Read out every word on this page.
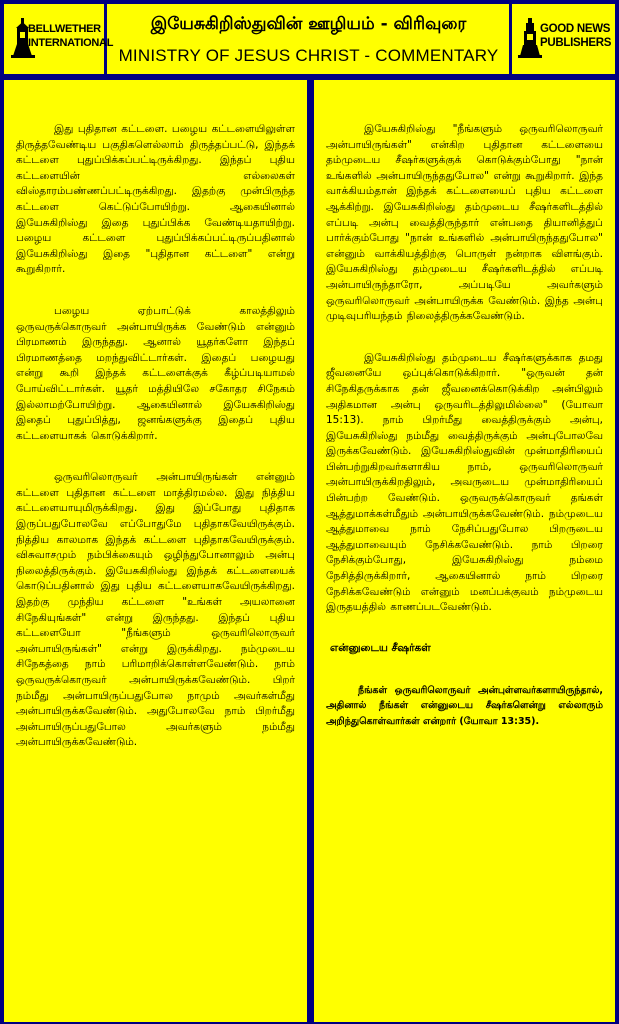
BELLWETHER INTERNATIONAL
இயேசுகிறிஸ்துவின் ஊழியம் - விரிவுரை
MINISTRY OF JESUS CHRIST - COMMENTARY
GOOD NEWS PUBLISHERS

இது புதிதான கட்டளை. பழைய கட்டளையிலுள்ள திருத்தவேண்டிய பகுதிகளெல்லாம் திருத்தப்பட்டு, இந்தக் கட்டளை புதுப்பிக்கப்பட்டிருக்கிறது. இந்தப் புதிய கட்டளையின் எல்லைகள் விஸ்தாரம்பண்ணப்பட்டிருக்கிறது. இதற்கு முன்பிருந்த கட்டளை கெட்டுப்போயிற்று. ஆகையினால் இயேசுகிறிஸ்து இதை புதுப்பிக்க வேண்டியதாயிற்று. பழைய கட்டளை புதுப்பிக்கப்பட்டிருப்பதினால் இயேசுகிறிஸ்து இதை "புதிதான கட்டளை" என்று கூறுகிறார்.

பழைய ஏற்பாட்டுக் காலத்திலும் ஒருவருக்கொருவர் அன்பாயிருக்க வேண்டும் என்னும் பிரமாணம் இருந்தது. ஆனால் யூதர்களோ இந்தப் பிரமாணத்தை மறந்துவிட்டார்கள். இதைப் பழையது என்று கூறி இந்தக் கட்டளைக்குக் கீழ்ப்படியாமல் போய்விட்டார்கள். யூதர் மத்தியிலே சகோதர சிநேகம் இல்லாமற்போயிற்று. ஆகையினால் இயேசுகிறிஸ்து இதைப் புதுப்பித்து, ஜனங்களுக்கு இதைப் புதிய கட்டளையாகக் கொடுக்கிறார்.

ஒருவரிலொருவர் அன்பாயிருங்கள் என்னும் கட்டளை புதிதான கட்டளை மாத்திரமல்ல. இது நித்திய கட்டளையாயுமிருக்கிறது. இது இப்போது புதிதாக இருப்பதுபோலவே எப்போதுமே புதிதாகவேயிருக்கும். நித்திய காலமாக இந்தக் கட்டளை புதிதாகவேயிருக்கும். விசுவாசமும் நம்பிக்கையும் ஒழிந்துபோனாலும் அன்பு நிலைத்திருக்கும். இயேசுகிறிஸ்து இந்தக் கட்டளையைக் கொடுப்பதினால் இது புதிய கட்டளையாகவேயிருக்கிறது. இதற்கு முந்திய கட்டளை "உங்கள் அயலானை சிநேகியுங்கள்" என்று இருந்தது. இந்தப் புதிய கட்டளையோ "நீங்களும் ஒருவரிலொருவர் அன்பாயிருங்கள்" என்று இருக்கிறது. நம்முடைய சிநேகத்தை நாம் பரிமாறிக்கொள்ளவேண்டும். நாம் ஒருவருக்கொருவர் அன்பாயிருக்கவேண்டும். பிறர் நம்மீது அன்பாயிருப்பதுபோல நாமும் அவர்கள்மீது அன்பாயிருக்கவேண்டும். அதுபோலவே நாம் பிறர்மீது அன்பாயிருப்பதுபோல அவர்களும் நம்மீது அன்பாயிருக்கவேண்டும்.

இயேசுகிறிஸ்து "நீங்களும் ஒருவரிலொருவர் அன்பாயிருங்கள்" என்கிற புதிதான கட்டளையை தம்முடைய சீஷர்களுக்குக் கொடுக்கும்போது "நான் உங்களில் அன்பாயிருந்ததுபோல" என்று கூறுகிறார். இந்த வாக்கியம்தான் இந்தக் கட்டளையைப் புதிய கட்டளை ஆக்கிற்று. இயேசுகிறிஸ்து தம்முடைய சீஷர்களிடத்தில் எப்படி அன்பு வைத்திருந்தார் என்பதை தியானித்துப் பார்க்கும்போது "நான் உங்களில் அன்பாயிருந்ததுபோல" என்னும் வாக்கியத்திற்கு பொருள் நன்றாக விளங்கும். இயேசுகிறிஸ்து தம்முடைய சீஷர்களிடத்தில் எப்படி அன்பாயிருந்தாரோ, அப்படியே அவர்களும் ஒருவரிலொருவர் அன்பாயிருக்க வேண்டும். இந்த அன்பு முடிவுபரியந்தம் நிலைத்திருக்கவேண்டும்.

இயேசுகிறிஸ்து தம்முடைய சீஷர்களுக்காக தமது ஜீவனையே ஒப்புக்கொடுக்கிறார். "ஒருவன் தன் சிநேகிதருக்காக தன் ஜீவனைக்கொடுக்கிற அன்பிலும் அதிகமான அன்பு ஒருவரிடத்திலுமில்லை" (யோவா 15:13). நாம் பிறர்மீது வைத்திருக்கும் அன்பு, இயேசுகிறிஸ்து நம்மீது வைத்திருக்கும் அன்புபோலவே இருக்கவேண்டும். இயேசுகிறிஸ்துவின் முன்மாதிரியைப் பின்பற்றுகிறவர்களாகிய நாம், ஒருவரிலொருவர் அன்பாயிருக்கிறதிலும், அவருடைய முன்மாதிரியைப் பின்பற்ற வேண்டும். ஒருவருக்கொருவர் தங்கள் ஆத்துமாக்கள்மீதும் அன்பாயிருக்கவேண்டும். நம்முடைய ஆத்துமாவை நாம் நேசிப்பதுபோல பிறருடைய ஆத்துமாவையும் நேசிக்கவேண்டும். நாம் பிறரை நேசிக்கும்போது, இயேசுகிறிஸ்து நம்மை நேசித்திருக்கிறார், ஆகையினால் நாம் பிறரை நேசிக்கவேண்டும் என்னும் மனப்பக்குவம் நம்முடைய இருதயத்தில் காணப்படவேண்டும்.

என்னுடைய சீஷர்கள்

நீங்கள் ஒருவரிலொருவர் அன்புள்ளவர்களாயிருந்தால், அதினால் நீங்கள் என்னுடைய சீஷர்களென்று எல்லாரும் அறிந்துகொள்வார்கள் என்றார் (யோவா 13:35).
